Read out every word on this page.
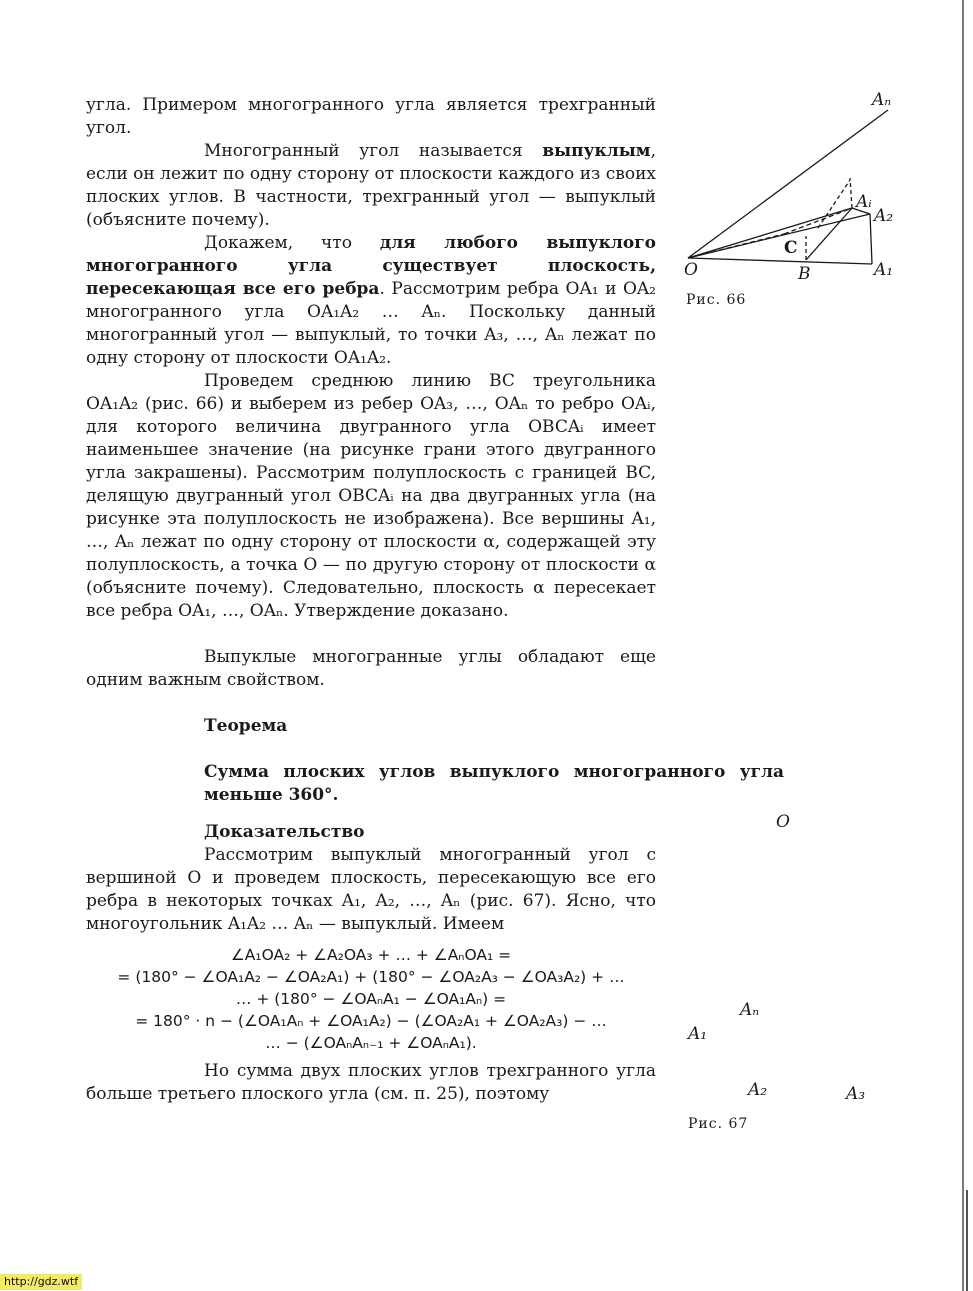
угла. Примером многогранного угла является трехгранный угол.

Многогранный угол называется выпуклым, если он лежит по одну сторону от плоскости каждого из своих плоских углов. В частности, трехгранный угол — выпуклый (объясните почему).

Докажем, что для любого выпуклого многогранного угла существует плоскость, пересекающая все его ребра. Рассмотрим ребра OA₁ и OA₂ многогранного угла OA₁A₂ … Aₙ. Поскольку данный многогранный угол — выпуклый, то точки A₃, …, Aₙ лежат по одну сторону от плоскости OA₁A₂.

Проведем среднюю линию BC треугольника OA₁A₂ (рис. 66) и выберем из ребер OA₃, …, OAₙ то ребро OAᵢ, для которого величина двугранного угла OBCAᵢ имеет наименьшее значение (на рисунке грани этого двугранного угла закрашены). Рассмотрим полуплоскость с границей BC, делящую двугранный угол OBCAᵢ на два двугранных угла (на рисунке эта полуплоскость не изображена). Все вершины A₁, …, Aₙ лежат по одну сторону от плоскости α, содержащей эту полуплоскость, а точка O — по другую сторону от плоскости α (объясните почему). Следовательно, плоскость α пересекает все ребра OA₁, …, OAₙ. Утверждение доказано.

Выпуклые многогранные углы обладают еще одним важным свойством.

Теорема

Сумма плоских углов выпуклого многогранного угла меньше 360°.

Доказательство

Рассмотрим выпуклый многогранный угол с вершиной O и проведем плоскость, пересекающую все его ребра в некоторых точках A₁, A₂, …, Aₙ (рис. 67). Ясно, что многоугольник A₁A₂ … Aₙ — выпуклый. Имеем

∠A₁OA₂ + ∠A₂OA₃ + … + ∠AₙOA₁ =
= (180° − ∠OA₁A₂ − ∠OA₂A₁) + (180° − ∠OA₂A₃ − ∠OA₃A₂) + …
… + (180° − ∠OAₙA₁ − ∠OA₁Aₙ) =
= 180° · n − (∠OA₁Aₙ + ∠OA₁A₂) − (∠OA₂A₁ + ∠OA₂A₃) − …
… − (∠OAₙAₙ₋₁ + ∠OAₙA₁).

Но сумма двух плоских углов трехгранного угла больше третьего плоского угла (см. п. 25), поэтому

Aₙ
Aᵢ
A₂
A₁
O	B
C
Рис. 66
O
Aₙ
A₁
A₂	A₃
Рис. 67
http://gdz.wtf
